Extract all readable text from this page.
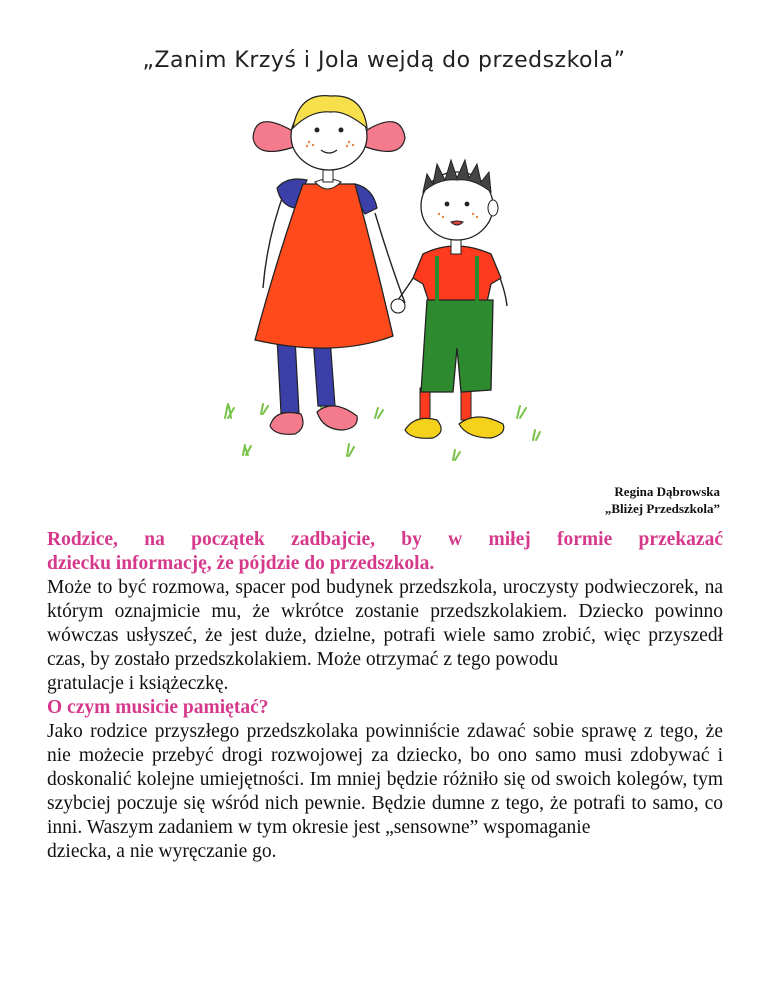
„Zanim Krzyś i Jola wejdą do przedszkola”
Regina Dąbrowska
„Bliżej Przedszkola”

Rodzice, na początek zadbajcie, by w miłej formie przekazać

dziecku informację, że pójdzie do przedszkola.

Może to być rozmowa, spacer pod budynek przedszkola, uroczysty podwieczorek, na którym oznajmicie mu, że wkrótce zostanie przedszkolakiem. Dziecko powinno wówczas usłyszeć, że jest duże, dzielne, potrafi wiele samo zrobić, więc przyszedł czas, by zostało przedszkolakiem. Może otrzymać z tego powodu

gratulacje i książeczkę.

O czym musicie pamiętać?

Jako rodzice przyszłego przedszkolaka powinniście zdawać sobie sprawę z tego, że nie możecie przebyć drogi rozwojowej za dziecko, bo ono samo musi zdobywać i doskonalić kolejne umiejętności. Im mniej będzie różniło się od swoich kolegów, tym szybciej poczuje się wśród nich pewnie. Będzie dumne z tego, że potrafi to samo, co inni. Waszym zadaniem w tym okresie jest „sensowne” wspomaganie

dziecka, a nie wyręczanie go.
